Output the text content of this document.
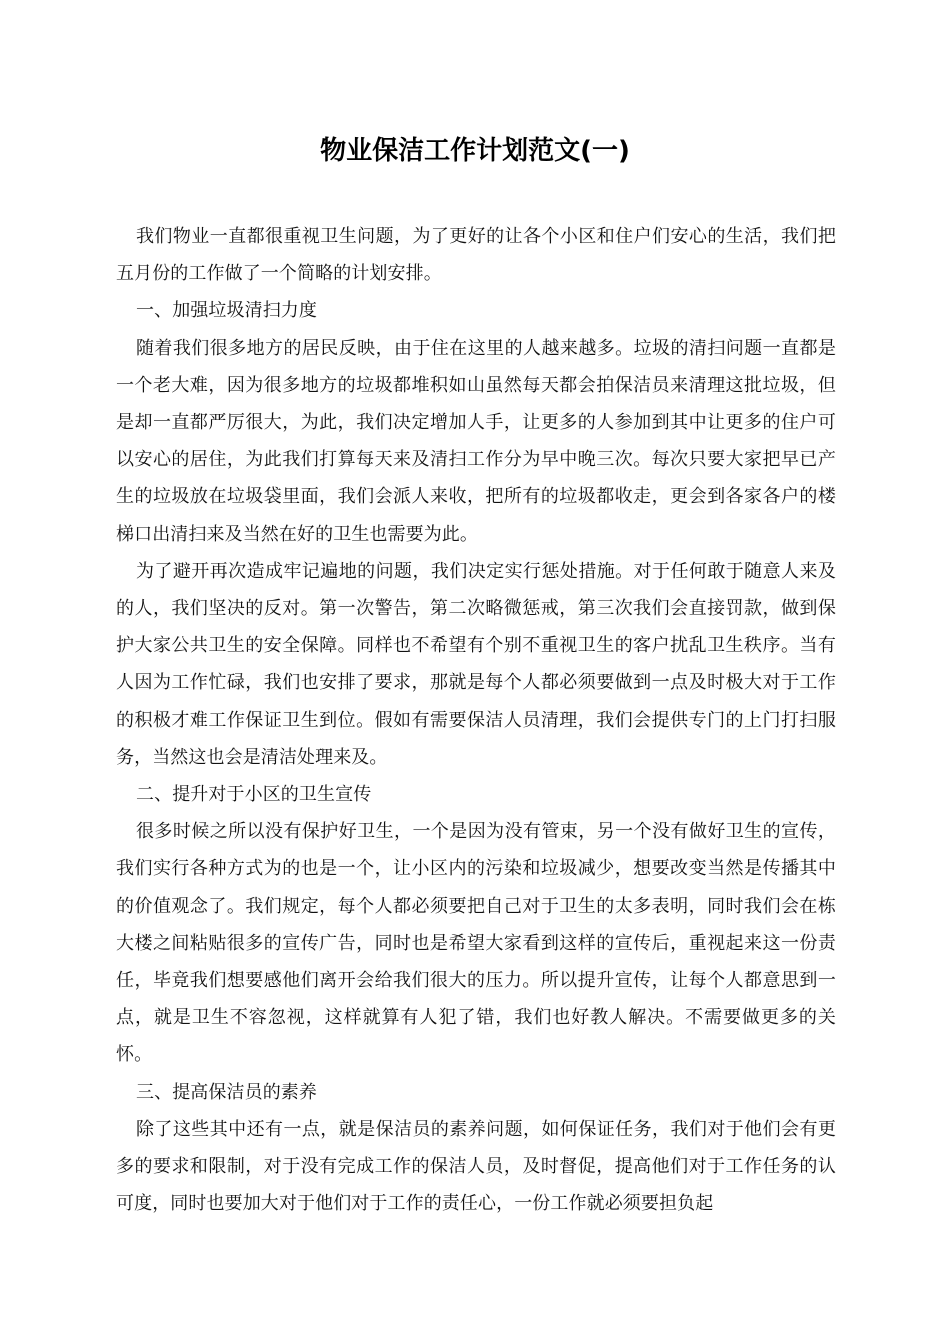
物业保洁工作计划范文(一)

我们物业一直都很重视卫生问题，为了更好的让各个小区和住户们安心的生活，我们把五月份的工作做了一个简略的计划安排。

一、加强垃圾清扫力度

随着我们很多地方的居民反映，由于住在这里的人越来越多。垃圾的清扫问题一直都是一个老大难，因为很多地方的垃圾都堆积如山虽然每天都会拍保洁员来清理这批垃圾，但是却一直都严厉很大，为此，我们决定增加人手，让更多的人参加到其中让更多的住户可以安心的居住，为此我们打算每天来及清扫工作分为早中晚三次。每次只要大家把早已产生的垃圾放在垃圾袋里面，我们会派人来收，把所有的垃圾都收走，更会到各家各户的楼梯口出清扫来及当然在好的卫生也需要为此。

为了避开再次造成牢记遍地的问题，我们决定实行惩处措施。对于任何敢于随意人来及的人，我们坚决的反对。第一次警告，第二次略微惩戒，第三次我们会直接罚款，做到保护大家公共卫生的安全保障。同样也不希望有个别不重视卫生的客户扰乱卫生秩序。当有人因为工作忙碌，我们也安排了要求，那就是每个人都必须要做到一点及时极大对于工作的积极才难工作保证卫生到位。假如有需要保洁人员清理，我们会提供专门的上门打扫服务，当然这也会是清洁处理来及。

二、提升对于小区的卫生宣传

很多时候之所以没有保护好卫生，一个是因为没有管束，另一个没有做好卫生的宣传，我们实行各种方式为的也是一个，让小区内的污染和垃圾减少，想要改变当然是传播其中的价值观念了。我们规定，每个人都必须要把自己对于卫生的太多表明，同时我们会在栋大楼之间粘贴很多的宣传广告，同时也是希望大家看到这样的宣传后，重视起来这一份责任，毕竟我们想要感他们离开会给我们很大的压力。所以提升宣传，让每个人都意思到一点，就是卫生不容忽视，这样就算有人犯了错，我们也好教人解决。不需要做更多的关怀。

三、提高保洁员的素养

除了这些其中还有一点，就是保洁员的素养问题，如何保证任务，我们对于他们会有更多的要求和限制，对于没有完成工作的保洁人员，及时督促，提高他们对于工作任务的认可度，同时也要加大对于他们对于工作的责任心，一份工作就必须要担负起
